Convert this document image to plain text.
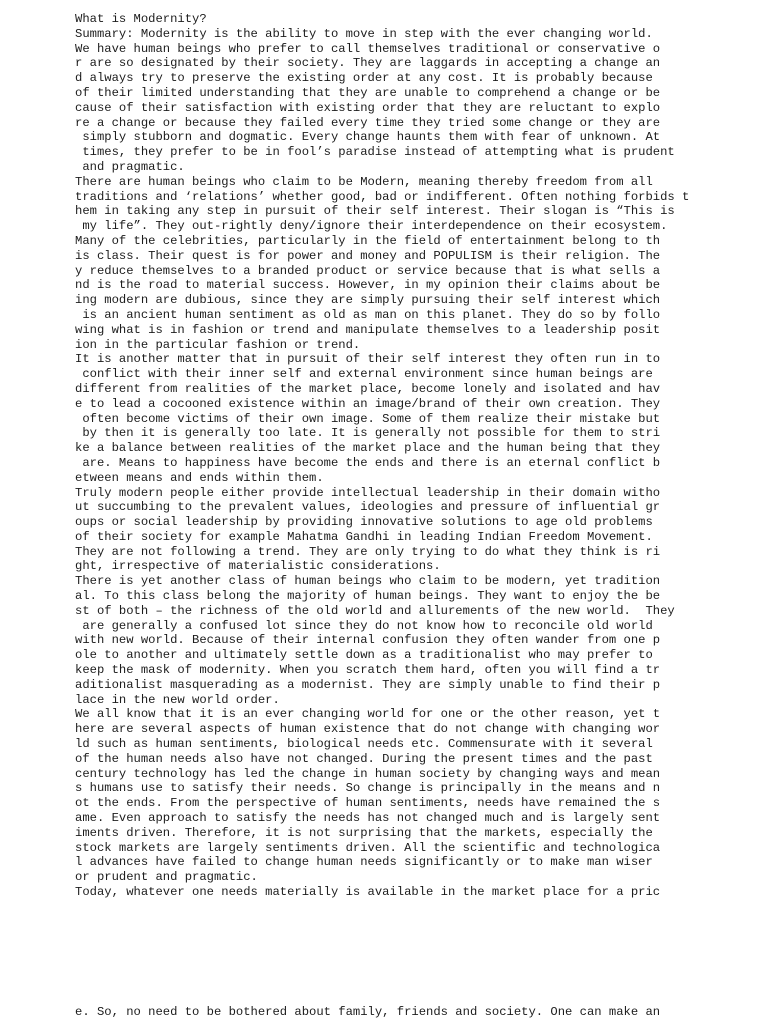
What is Modernity?
Summary: Modernity is the ability to move in step with the ever changing world.
We have human beings who prefer to call themselves traditional or conservative o
r are so designated by their society. They are laggards in accepting a change an
d always try to preserve the existing order at any cost. It is probably because
of their limited understanding that they are unable to comprehend a change or be
cause of their satisfaction with existing order that they are reluctant to explo
re a change or because they failed every time they tried some change or they are
simply stubborn and dogmatic. Every change haunts them with fear of unknown. At
times, they prefer to be in fool’s paradise instead of attempting what is prudent
and pragmatic.
There are human beings who claim to be Modern, meaning thereby freedom from all
traditions and ‘relations’ whether good, bad or indifferent. Often nothing forbids t
hem in taking any step in pursuit of their self interest. Their slogan is “This is
my life”. They out-rightly deny/ignore their interdependence on their ecosystem.
Many of the celebrities, particularly in the field of entertainment belong to th
is class. Their quest is for power and money and POPULISM is their religion. The
y reduce themselves to a branded product or service because that is what sells a
nd is the road to material success. However, in my opinion their claims about be
ing modern are dubious, since they are simply pursuing their self interest which
is an ancient human sentiment as old as man on this planet. They do so by follo
wing what is in fashion or trend and manipulate themselves to a leadership posit
ion in the particular fashion or trend.
It is another matter that in pursuit of their self interest they often run in to
conflict with their inner self and external environment since human beings are
different from realities of the market place, become lonely and isolated and hav
e to lead a cocooned existence within an image/brand of their own creation. They
often become victims of their own image. Some of them realize their mistake but
by then it is generally too late. It is generally not possible for them to stri
ke a balance between realities of the market place and the human being that they
are. Means to happiness have become the ends and there is an eternal conflict b
etween means and ends within them.
Truly modern people either provide intellectual leadership in their domain witho
ut succumbing to the prevalent values, ideologies and pressure of influential gr
oups or social leadership by providing innovative solutions to age old problems
of their society for example Mahatma Gandhi in leading Indian Freedom Movement.
They are not following a trend. They are only trying to do what they think is ri
ght, irrespective of materialistic considerations.
There is yet another class of human beings who claim to be modern, yet tradition
al. To this class belong the majority of human beings. They want to enjoy the be
st of both – the richness of the old world and allurements of the new world.  They
are generally a confused lot since they do not know how to reconcile old world
with new world. Because of their internal confusion they often wander from one p
ole to another and ultimately settle down as a traditionalist who may prefer to
keep the mask of modernity. When you scratch them hard, often you will find a tr
aditionalist masquerading as a modernist. They are simply unable to find their p
lace in the new world order.
We all know that it is an ever changing world for one or the other reason, yet t
here are several aspects of human existence that do not change with changing wor
ld such as human sentiments, biological needs etc. Commensurate with it several
of the human needs also have not changed. During the present times and the past
century technology has led the change in human society by changing ways and mean
s humans use to satisfy their needs. So change is principally in the means and n
ot the ends. From the perspective of human sentiments, needs have remained the s
ame. Even approach to satisfy the needs has not changed much and is largely sent
iments driven. Therefore, it is not surprising that the markets, especially the
stock markets are largely sentiments driven. All the scientific and technologica
l advances have failed to change human needs significantly or to make man wiser
or prudent and pragmatic.
Today, whatever one needs materially is available in the market place for a pric
e. So, no need to be bothered about family, friends and society. One can make an
